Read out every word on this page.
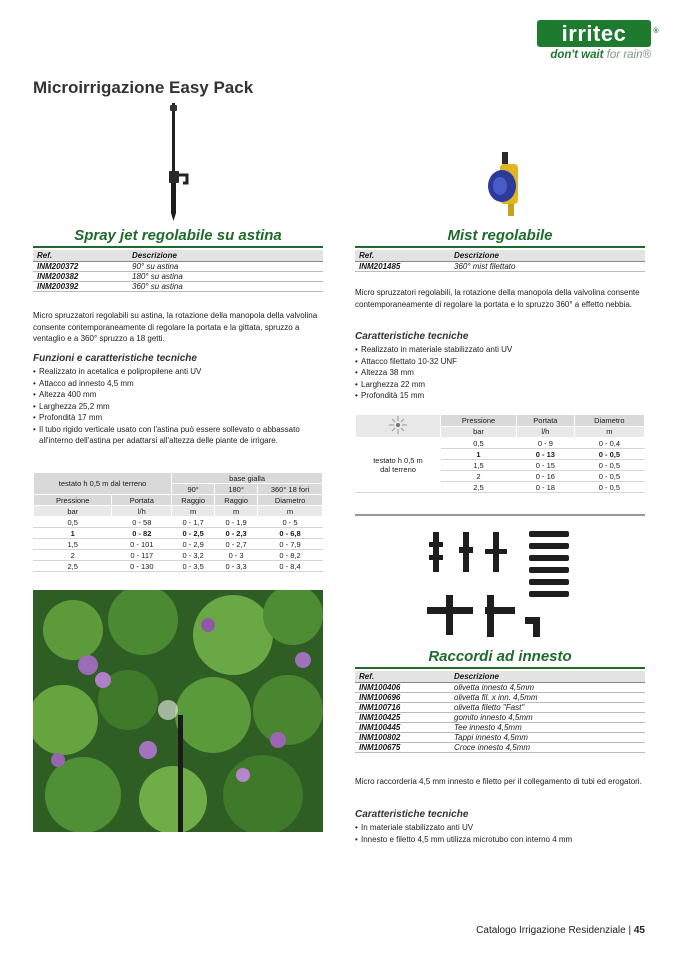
irritec	®
don't wait for rain®
Microirrigazione Easy Pack
Spray jet regolabile su astina
Ref.	Descrizione
INM200372	90° su astina
INM200382	180° su astina
INM200392	360° su astina
Micro spruzzatori regolabili su astina, la rotazione della manopola della valvolina consente contemporaneamente di regolare la portata e la gittata, spruzzo a ventaglio e a 360° spruzzo a 18 getti.
Funzioni e caratteristiche tecniche
• Realizzato in acetalica e polipropilene anti UV
• Attacco ad innesto 4,5 mm
• Altezza 400 mm
• Larghezza 25,2 mm
• Profondità 17 mm
• Il tubo rigido verticale usato con l'astina può essere sollevato o abbassato all'interno dell'astina per adattarsi all'altezza delle piante de irrigare.
testato h 0,5 m dal terreno		base gialla		
		90°	180°	360° 18 fori
Pressione	Portata	Raggio	Raggio	Diametro
bar	l/h	m	m	m
0,5	0 - 58	0 - 1,7	0 - 1,9	0 - 5
1	0 - 82	0 - 2,5	0 - 2,3	0 - 6,8
1,5	0 - 101	0 - 2,9	0 - 2,7	0 - 7,9
2	0 - 117	0 - 3,2	0 - 3	0 - 8,2
2,5	0 - 130	0 - 3,5	0 - 3,3	0 - 8,4
Mist regolabile
Ref.	Descrizione
INM201485	360° mist filettato
Micro spruzzatori regolabili, la rotazione della manopola della valvolina consente contemporaneamente di regolare la portata e lo spruzzo 360° a effetto nebbia.
Caratteristiche tecniche
• Realizzato in materiale stabilizzato anti UV
• Attacco filettato 10-32 UNF
• Altezza 38 mm
• Larghezza 22 mm
• Profondità 15 mm
	Pressione	Portata	Diametro
	bar	l/h	m
testato h 0,5 m dal terreno	0,5	0 - 9	0 - 0,4
	1	0 - 13	0 - 0,5
	1,5	0 - 15	0 - 0,5
	2	0 - 16	0 - 0,5
	2,5	0 - 18	0 - 0,5
Raccordi ad innesto
Ref.	Descrizione
INM100406	olivetta innesto 4,5mm
INM100696	olivetta fil. x inn. 4,5mm
INM100716	olivetta filetto "Fast"
INM100425	gomito innesto 4,5mm
INM100445	Tee innesto 4,5mm
INM100802	Tappi innesto 4,5mm
INM100675	Croce innesto 4,5mm
Micro raccorderia 4,5 mm innesto e filetto per il collegamento di tubi ed erogatori.
Caratteristiche tecniche
• In materiale stabilizzato anti UV
• Innesto e filetto 4,5 mm utilizza microtubo con interno 4 mm
Catalogo Irrigazione Residenziale | 45
